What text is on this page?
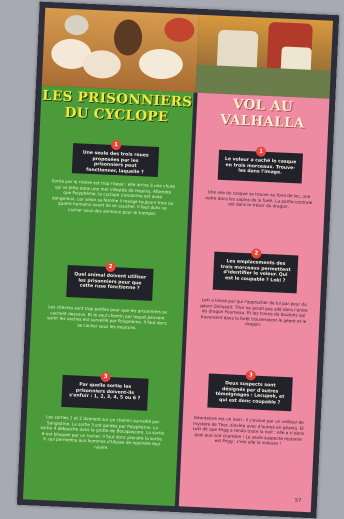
LES PRISONNIERS
DU CYCLOPE
1
Une seule des trois roues proposées par les prisonniers peut fonctionner, laquelle ?
Sortie par le rivière est trop risqué : elle arrive à une chute qui se jette dans une mer infestée de requins. Attendre que Polyphème, le cyclope s'endorme est aussi dangereux, car selon sa femme il mange toujours trois ou quatre humains avant de se coucher. Il faut donc se cacher sous des animaux pour le tromper.
2
Quel animal doivent utiliser les prisonniers pour que cette ruse fonctionne ?
Les chèvres sont trop petites pour que les prisonniers se cachent dessous. Et le seul chemin par lequel peuvent sortir les vaches est surveillé par Polyphème. Il faut donc se cacher sous les moutons.
3
Par quelle sortie les prisonniers doivent-ils s'enfuir : 1, 2, 3, 4, 5 ou 6 ?
Les sorties 1 et 2 donnent sur un chemin surveillé par Sanglotine. La sortie 3 est gardée par Polyphème. La sortie 4 débouche dans la grotte de Bocaposcore. La sortie 6 est bloquée par un rocher. Il faut donc prendre la sortie 5, qui permettra aux hommes d'Ulysse de rejoindre leur navire.
VOL AU
VALHALLA
1
Le voleur a caché le casque en trois morceaux. Trouve-les dans l'image.
Une aile du casque se trouve au fond de lac, une autre dans les sapins de la forêt. La partie centrale est dans le trésor du dragon.
2
Les emplacements des trois morceaux permettent d'identifier le voleur. Qui est le coupable ? Loki ?
Loki a laissé par qui l'approcher de lui par peur du géant Glimpstir. Thor ne serait pas allé dans l'antre du dragon Fourneau. Et les traces de boutons qui traversent dans la forêt trouveraient le géant et le dragon.
3
Deux suspects sont désignés par d'autres témoignages : Lecupok, et qui est donc coupable ?
Géantelore est un nain : il s'avoue par un veilleur de mystère de Thor, sincère avec d'autres en géants. Et Loki dit que Frigg a rendu toute la nuit : elle a ri dans quoi que soit chambre ! Le seule suspecte restante est Frigg : c'est elle la voleuse !
57
